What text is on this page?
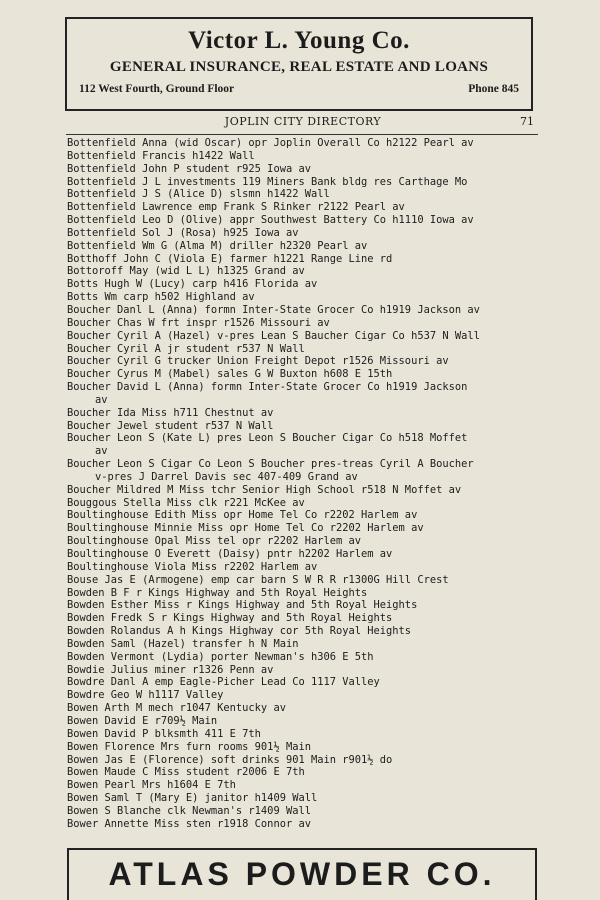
Victor L. Young Co.
GENERAL INSURANCE, REAL ESTATE AND LOANS
112 West Fourth, Ground Floor	Phone 845
JOPLIN CITY DIRECTORY	71
Bottenfield Anna (wid Oscar) opr Joplin Overall Co h2122 Pearl av
Bottenfield Francis h1422 Wall
Bottenfield John P student r925 Iowa av
Bottenfield J L investments 119 Miners Bank bldg res Carthage Mo
Bottenfield J S (Alice D) slsmn h1422 Wall
Bottenfield Lawrence emp Frank S Rinker r2122 Pearl av
Bottenfield Leo D (Olive) appr Southwest Battery Co h1110 Iowa av
Bottenfield Sol J (Rosa) h925 Iowa av
Bottenfield Wm G (Alma M) driller h2320 Pearl av
Botthoff John C (Viola E) farmer h1221 Range Line rd
Bottoroff May (wid L L) h1325 Grand av
Botts Hugh W (Lucy) carp h416 Florida av
Botts Wm carp h502 Highland av
Boucher Danl L (Anna) formn Inter-State Grocer Co h1919 Jackson av
Boucher Chas W frt inspr r1526 Missouri av
Boucher Cyril A (Hazel) v-pres Lean S Baucher Cigar Co h537 N Wall
Boucher Cyril A jr student r537 N Wall
Boucher Cyril G trucker Union Freight Depot r1526 Missouri av
Boucher Cyrus M (Mabel) sales G W Buxton h608 E 15th
Boucher David L (Anna) formn Inter-State Grocer Co h1919 Jackson
av
Boucher Ida Miss h711 Chestnut av
Boucher Jewel student r537 N Wall
Boucher Leon S (Kate L) pres Leon S Boucher Cigar Co h518 Moffet
av
Boucher Leon S Cigar Co Leon S Boucher pres-treas Cyril A Boucher
v-pres J Darrel Davis sec 407-409 Grand av
Boucher Mildred M Miss tchr Senior High School r518 N Moffet av
Bouggous Stella Miss clk r221 McKee av
Boultinghouse Edith Miss opr Home Tel Co r2202 Harlem av
Boultinghouse Minnie Miss opr Home Tel Co r2202 Harlem av
Boultinghouse Opal Miss tel opr r2202 Harlem av
Boultinghouse O Everett (Daisy) pntr h2202 Harlem av
Boultinghouse Viola Miss r2202 Harlem av
Bouse Jas E (Armogene) emp car barn S W R R r1300G Hill Crest
Bowden B F r Kings Highway and 5th Royal Heights
Bowden Esther Miss r Kings Highway and 5th Royal Heights
Bowden Fredk S r Kings Highway and 5th Royal Heights
Bowden Rolandus A h Kings Highway cor 5th Royal Heights
Bowden Saml (Hazel) transfer h N Main
Bowden Vermont (Lydia) porter Newman's h306 E 5th
Bowdie Julius miner r1326 Penn av
Bowdre Danl A emp Eagle-Picher Lead Co 1117 Valley
Bowdre Geo W h1117 Valley
Bowen Arth M mech r1047 Kentucky av
Bowen David E r709½ Main
Bowen David P blksmth 411 E 7th
Bowen Florence Mrs furn rooms 901½ Main
Bowen Jas E (Florence) soft drinks 901 Main r901½ do
Bowen Maude C Miss student r2006 E 7th
Bowen Pearl Mrs h1604 E 7th
Bowen Saml T (Mary E) janitor h1409 Wall
Bowen S Blanche clk Newman's r1409 Wall
Bower Annette Miss sten r1918 Connor av
ATLAS POWDER CO.
